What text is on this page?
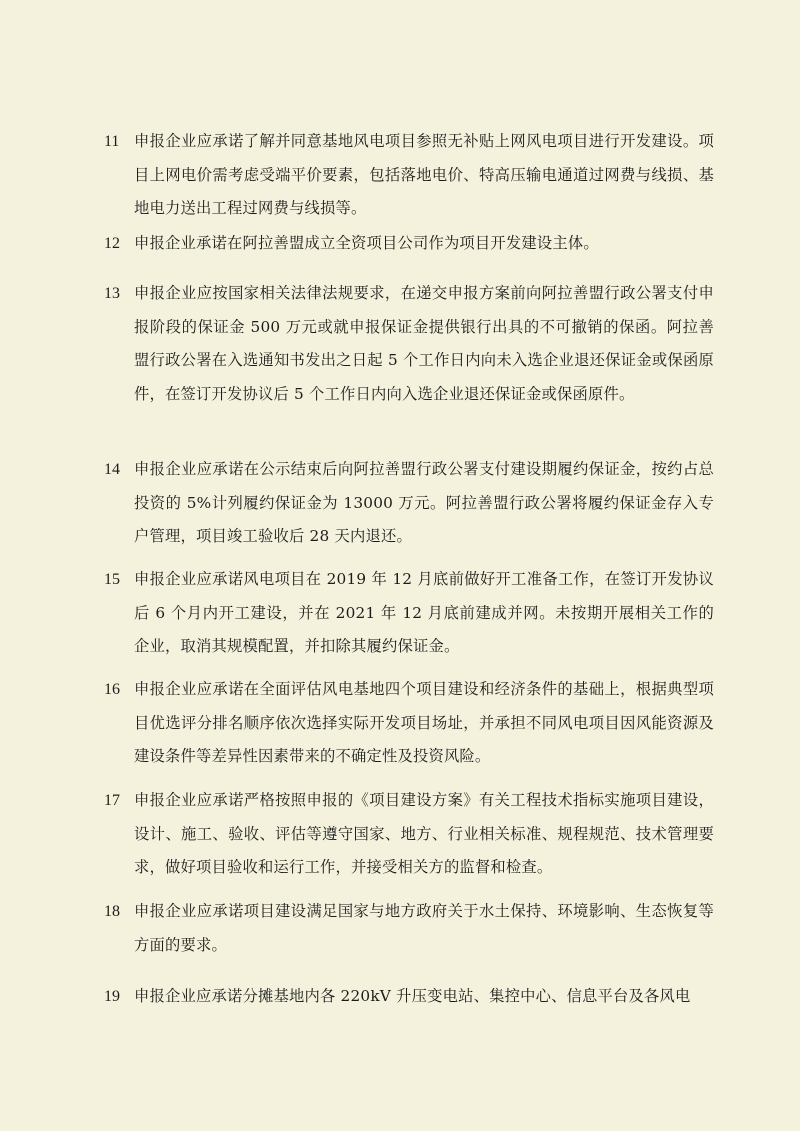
11 申报企业应承诺了解并同意基地风电项目参照无补贴上网风电项目进行开发建设。项目上网电价需考虑受端平价要素，包括落地电价、特高压输电通道过网费与线损、基地电力送出工程过网费与线损等。
12 申报企业承诺在阿拉善盟成立全资项目公司作为项目开发建设主体。
13 申报企业应按国家相关法律法规要求，在递交申报方案前向阿拉善盟行政公署支付申报阶段的保证金 500 万元或就申报保证金提供银行出具的不可撤销的保函。阿拉善盟行政公署在入选通知书发出之日起 5 个工作日内向未入选企业退还保证金或保函原件，在签订开发协议后 5 个工作日内向入选企业退还保证金或保函原件。
14 申报企业应承诺在公示结束后向阿拉善盟行政公署支付建设期履约保证金，按约占总投资的 5%计列履约保证金为 13000 万元。阿拉善盟行政公署将履约保证金存入专户管理，项目竣工验收后 28 天内退还。
15 申报企业应承诺风电项目在 2019 年 12 月底前做好开工准备工作，在签订开发协议后 6 个月内开工建设，并在 2021 年 12 月底前建成并网。未按期开展相关工作的企业，取消其规模配置，并扣除其履约保证金。
16 申报企业应承诺在全面评估风电基地四个项目建设和经济条件的基础上，根据典型项目优选评分排名顺序依次选择实际开发项目场址，并承担不同风电项目因风能资源及建设条件等差异性因素带来的不确定性及投资风险。
17 申报企业应承诺严格按照申报的《项目建设方案》有关工程技术指标实施项目建设，设计、施工、验收、评估等遵守国家、地方、行业相关标准、规程规范、技术管理要求，做好项目验收和运行工作，并接受相关方的监督和检查。
18 申报企业应承诺项目建设满足国家与地方政府关于水土保持、环境影响、生态恢复等方面的要求。
19 申报企业应承诺分摊基地内各 220kV 升压变电站、集控中心、信息平台及各风电
